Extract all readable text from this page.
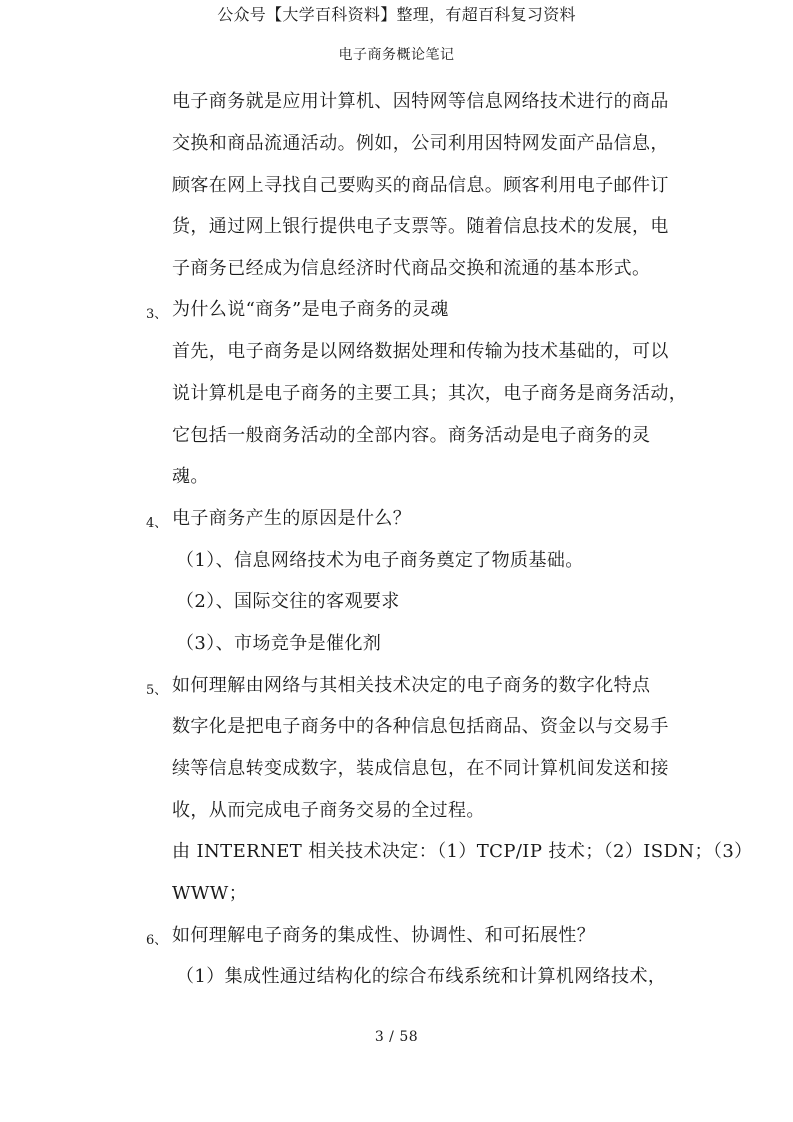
公众号【大学百科资料】整理，有超百科复习资料
电子商务概论笔记
电子商务就是应用计算机、因特网等信息网络技术进行的商品
交换和商品流通活动。例如，公司利用因特网发面产品信息，
顾客在网上寻找自己要购买的商品信息。顾客利用电子邮件订
货，通过网上银行提供电子支票等。随着信息技术的发展，电
子商务已经成为信息经济时代商品交换和流通的基本形式。
3、 为什么说“商务”是电子商务的灵魂
首先，电子商务是以网络数据处理和传输为技术基础的，可以
说计算机是电子商务的主要工具；其次，电子商务是商务活动，
它包括一般商务活动的全部内容。商务活动是电子商务的灵
魂。
4、 电子商务产生的原因是什么？
（1）、信息网络技术为电子商务奠定了物质基础。
（2）、国际交往的客观要求
（3）、市场竞争是催化剂
5、 如何理解由网络与其相关技术决定的电子商务的数字化特点
数字化是把电子商务中的各种信息包括商品、资金以与交易手
续等信息转变成数字，装成信息包，在不同计算机间发送和接
收，从而完成电子商务交易的全过程。
由 INTERNET 相关技术决定：（1）TCP/IP 技术；（2）ISDN；（3）
WWW；
6、 如何理解电子商务的集成性、协调性、和可拓展性？
（1）集成性通过结构化的综合布线系统和计算机网络技术，
3 / 58
